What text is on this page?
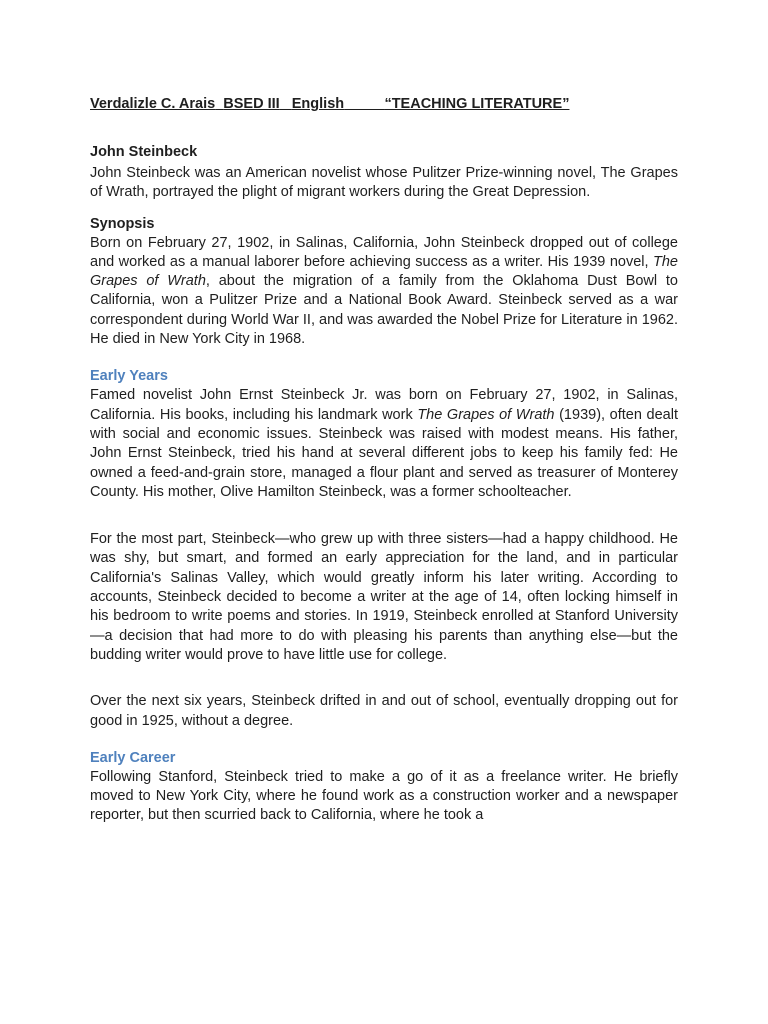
Verdalizle C. Arais BSED III English	“TEACHING LITERATURE”

John Steinbeck

John Steinbeck was an American novelist whose Pulitzer Prize-winning novel, The Grapes of Wrath, portrayed the plight of migrant workers during the Great Depression.

Synopsis

Born on February 27, 1902, in Salinas, California, John Steinbeck dropped out of college and worked as a manual laborer before achieving success as a writer. His 1939 novel, The Grapes of Wrath, about the migration of a family from the Oklahoma Dust Bowl to California, won a Pulitzer Prize and a National Book Award. Steinbeck served as a war correspondent during World War II, and was awarded the Nobel Prize for Literature in 1962. He died in New York City in 1968.

Early Years

Famed novelist John Ernst Steinbeck Jr. was born on February 27, 1902, in Salinas, California. His books, including his landmark work The Grapes of Wrath (1939), often dealt with social and economic issues. Steinbeck was raised with modest means. His father, John Ernst Steinbeck, tried his hand at several different jobs to keep his family fed: He owned a feed-and-grain store, managed a flour plant and served as treasurer of Monterey County. His mother, Olive Hamilton Steinbeck, was a former schoolteacher.

For the most part, Steinbeck—who grew up with three sisters—had a happy childhood. He was shy, but smart, and formed an early appreciation for the land, and in particular California's Salinas Valley, which would greatly inform his later writing. According to accounts, Steinbeck decided to become a writer at the age of 14, often locking himself in his bedroom to write poems and stories. In 1919, Steinbeck enrolled at Stanford University—a decision that had more to do with pleasing his parents than anything else—but the budding writer would prove to have little use for college.

Over the next six years, Steinbeck drifted in and out of school, eventually dropping out for good in 1925, without a degree.

Early Career

Following Stanford, Steinbeck tried to make a go of it as a freelance writer. He briefly moved to New York City, where he found work as a construction worker and a newspaper reporter, but then scurried back to California, where he took a
